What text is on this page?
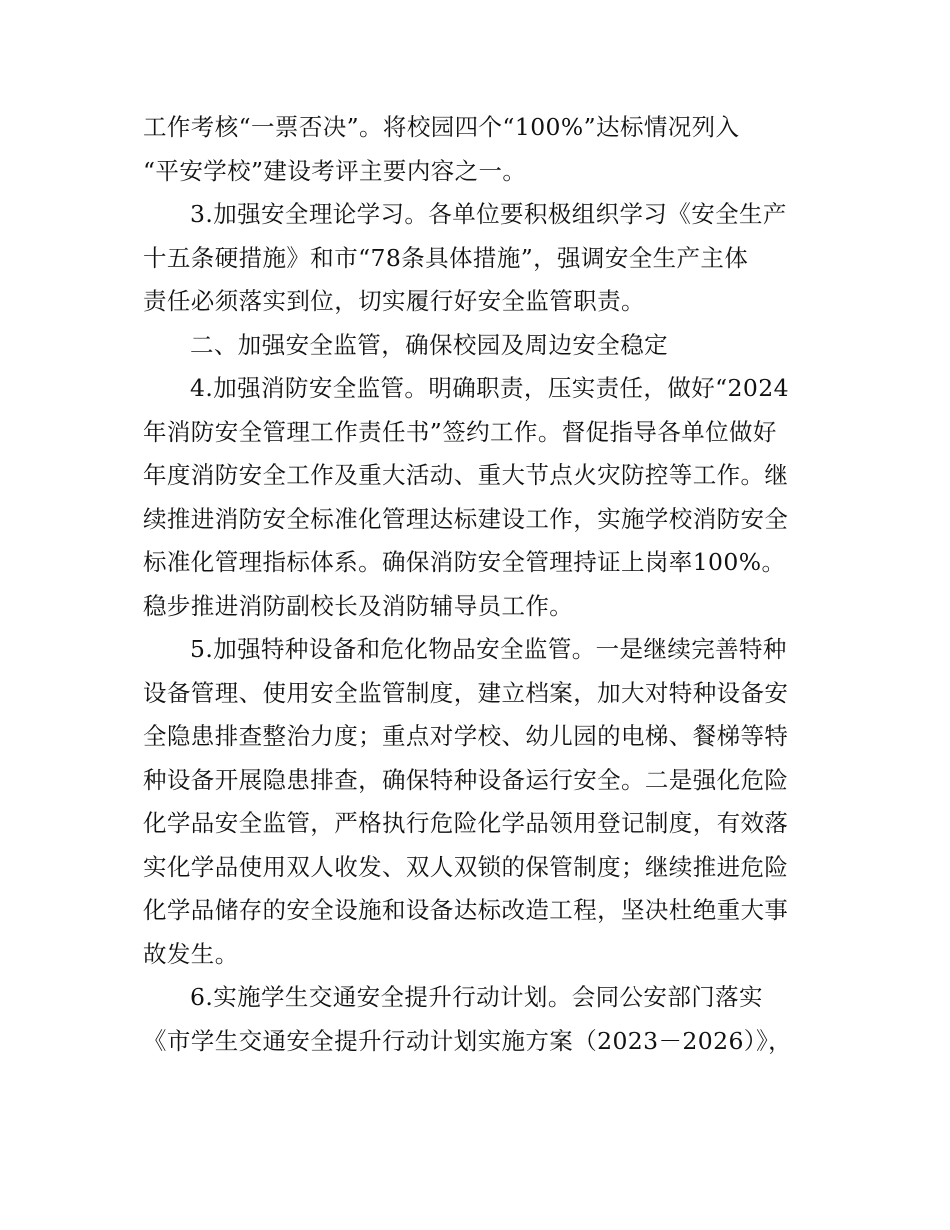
工作考核“一票否决”。将校园四个“100%”达标情况列入
“平安学校”建设考评主要内容之一。
3.加强安全理论学习。各单位要积极组织学习《安全生产
十五条硬措施》和市“78条具体措施”，强调安全生产主体
责任必须落实到位，切实履行好安全监管职责。
二、加强安全监管，确保校园及周边安全稳定
4.加强消防安全监管。明确职责，压实责任，做好“2024
年消防安全管理工作责任书”签约工作。督促指导各单位做好
年度消防安全工作及重大活动、重大节点火灾防控等工作。继
续推进消防安全标准化管理达标建设工作，实施学校消防安全
标准化管理指标体系。确保消防安全管理持证上岗率100%。
稳步推进消防副校长及消防辅导员工作。
5.加强特种设备和危化物品安全监管。一是继续完善特种
设备管理、使用安全监管制度，建立档案，加大对特种设备安
全隐患排查整治力度；重点对学校、幼儿园的电梯、餐梯等特
种设备开展隐患排查，确保特种设备运行安全。二是强化危险
化学品安全监管，严格执行危险化学品领用登记制度，有效落
实化学品使用双人收发、双人双锁的保管制度；继续推进危险
化学品储存的安全设施和设备达标改造工程，坚决杜绝重大事
故发生。
6.实施学生交通安全提升行动计划。会同公安部门落实
《市学生交通安全提升行动计划实施方案（2023－2026）》，
